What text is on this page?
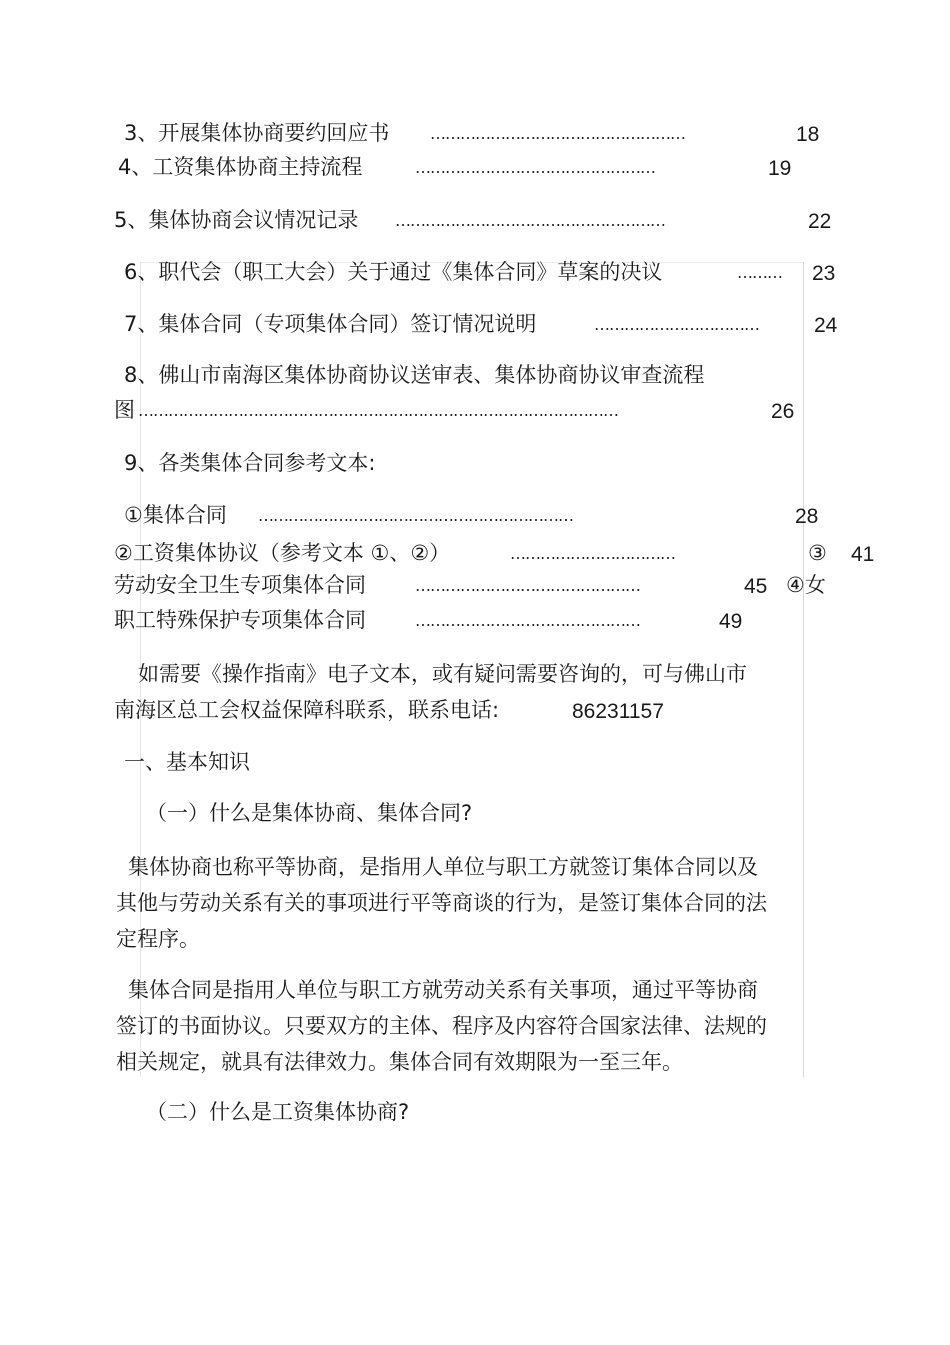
3、开展集体协商要约回应书	……………………………………………	18
4、工资集体协商主持流程	…………………………………………	19
5、集体协商会议情况记录 ………………………………………………	22
6、职代会（职工大会）关于通过《集体合同》草案的决议	……… 23
7、集体合同（专项集体合同）签订情况说明	……………………………	24
8、佛山市南海区集体协商协议送审表、集体协商协议审查流程
图 ……………………………………………………………………………………	26
9、各类集体合同参考文本:
①集体合同 ………………………………………………………	28
②工资集体协议（参考文本 ①、②）	……………………………	③ 41
劳动安全卫生专项集体合同	………………………………………	45 ④女
职工特殊保护专项集体合同	………………………………………	49
如需要《操作指南》电子文本，或有疑问需要咨询的，可与佛山市
南海区总工会权益保障科联系，联系电话:	86231157
一、基本知识
（一）什么是集体协商、集体合同?
集体协商也称平等协商，是指用人单位与职工方就签订集体合同以及其他与劳动关系有关的事项进行平等商谈的行为，是签订集体合同的法定程序。
集体合同是指用人单位与职工方就劳动关系有关事项，通过平等协商签订的书面协议。只要双方的主体、程序及内容符合国家法律、法规的相关规定，就具有法律效力。集体合同有效期限为一至三年。
（二）什么是工资集体协商?
